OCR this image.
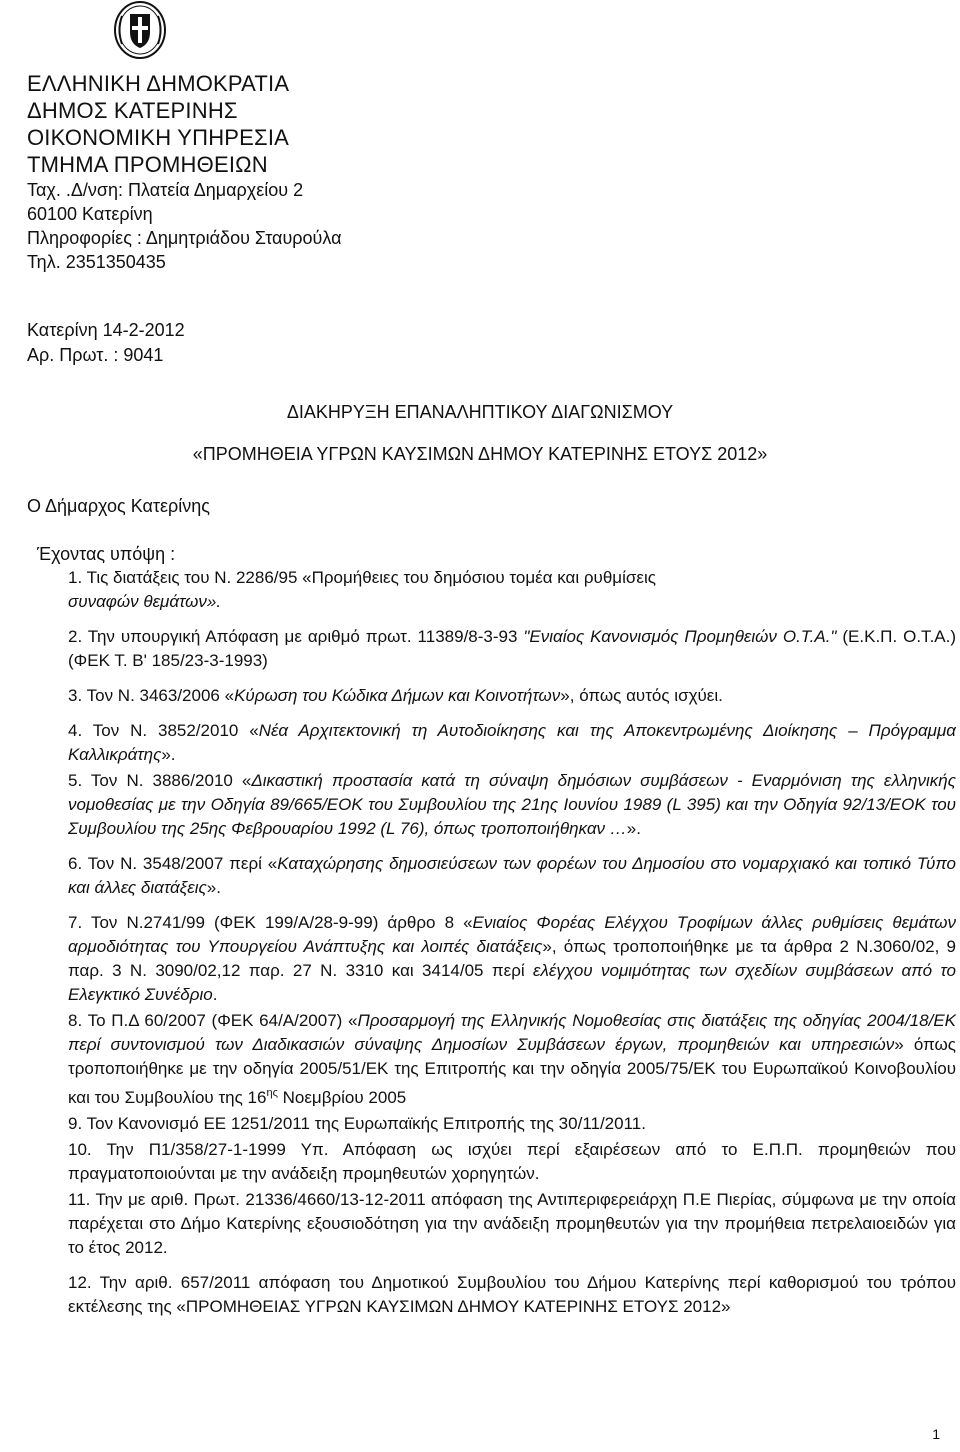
ΕΛΛΗΝΙΚΗ ΔΗΜΟΚΡΑΤΙΑ

ΔΗΜΟΣ ΚΑΤΕΡΙΝΗΣ

ΟΙΚΟΝΟΜΙΚΗ ΥΠΗΡΕΣΙΑ

ΤΜΗΜΑ ΠΡΟΜΗΘΕΙΩΝ

Ταχ. .Δ/νση: Πλατεία Δημαρχείου 2

60100 Κατερίνη

Πληροφορίες : Δημητριάδου Σταυρούλα

Τηλ. 2351350435

Κατερίνη 14-2-2012
Αρ. Πρωτ. : 9041
ΔΙΑΚΗΡΥΞΗ ΕΠΑΝΑΛΗΠΤΙΚΟΥ ΔΙΑΓΩΝΙΣΜΟΥ
«ΠΡΟΜΗΘΕΙΑ ΥΓΡΩΝ ΚΑΥΣΙΜΩΝ ΔΗΜΟΥ ΚΑΤΕΡΙΝΗΣ ΕΤΟΥΣ 2012»
Ο Δήμαρχος Κατερίνης
Έχοντας υπόψη :

1. Τις διατάξεις του Ν. 2286/95 «Προμήθειες του δημόσιου τομέα και ρυθμίσεις
συναφών θεμάτων».

2. Την υπουργική Απόφαση με αριθμό πρωτ. 11389/8-3-93 "Ενιαίος Κανονισμός Προμηθειών Ο.Τ.Α." (Ε.Κ.Π. Ο.Τ.Α.) (ΦΕΚ Τ. Β' 185/23-3-1993)

3. Τον Ν. 3463/2006 «Κύρωση του Κώδικα Δήμων και Κοινοτήτων», όπως αυτός ισχύει.

4. Τον Ν. 3852/2010 «Νέα Αρχιτεκτονική τη Αυτοδιοίκησης και της Αποκεντρωμένης Διοίκησης – Πρόγραμμα Καλλικράτης».

5. Τον Ν. 3886/2010 «Δικαστική προστασία κατά τη σύναψη δημόσιων συμβάσεων - Εναρμόνιση της ελληνικής νομοθεσίας με την Οδηγία 89/665/ΕΟΚ του Συμβουλίου της 21ης Ιουνίου 1989 (L 395) και την Οδηγία 92/13/ΕΟΚ του Συμβουλίου της 25ης Φεβρουαρίου 1992 (L 76), όπως τροποποιήθηκαν …».

6. Τον Ν. 3548/2007 περί «Καταχώρησης δημοσιεύσεων των φορέων του Δημοσίου στο νομαρχιακό και τοπικό Τύπο και άλλες διατάξεις».

7. Τον Ν.2741/99 (ΦΕΚ 199/Α/28-9-99) άρθρο 8 «Ενιαίος Φορέας Ελέγχου Τροφίμων άλλες ρυθμίσεις θεμάτων αρμοδιότητας του Υπουργείου Ανάπτυξης και λοιπές διατάξεις», όπως τροποποιήθηκε με τα άρθρα 2 Ν.3060/02, 9 παρ. 3 Ν. 3090/02,12 παρ. 27 Ν. 3310 και 3414/05 περί ελέγχου νομιμότητας των σχεδίων συμβάσεων από το Ελεγκτικό Συνέδριο.

8. Το Π.Δ 60/2007 (ΦΕΚ 64/Α/2007) «Προσαρμογή της Ελληνικής Νομοθεσίας στις διατάξεις της οδηγίας 2004/18/ΕΚ περί συντονισμού των Διαδικασιών σύναψης Δημοσίων Συμβάσεων έργων, προμηθειών και υπηρεσιών» όπως τροποποιήθηκε με την οδηγία 2005/51/ΕΚ της Επιτροπής και την οδηγία 2005/75/ΕΚ του Ευρωπαϊκού Κοινοβουλίου και του Συμβουλίου της $16^{\eta\varsigma}$ Νοεμβρίου 2005

9. Τον Κανονισμό ΕΕ 1251/2011 της Ευρωπαϊκής Επιτροπής της 30/11/2011.

10. Την Π1/358/27-1-1999 Υπ. Απόφαση ως ισχύει περί εξαιρέσεων από το Ε.Π.Π. προμηθειών που πραγματοποιούνται με την ανάδειξη προμηθευτών χορηγητών.

11. Την με αριθ. Πρωτ. 21336/4660/13-12-2011 απόφαση της Αντιπεριφερειάρχη Π.Ε Πιερίας, σύμφωνα με την οποία παρέχεται στο Δήμο Κατερίνης εξουσιοδότηση για την ανάδειξη προμηθευτών για την προμήθεια πετρελαιοειδών για το έτος 2012.

12. Την αριθ. 657/2011 απόφαση του Δημοτικού Συμβουλίου του Δήμου Κατερίνης περί καθορισμού του τρόπου εκτέλεσης της «ΠΡΟΜΗΘΕΙΑΣ ΥΓΡΩΝ ΚΑΥΣΙΜΩΝ ΔΗΜΟΥ ΚΑΤΕΡΙΝΗΣ ΕΤΟΥΣ 2012»

1
